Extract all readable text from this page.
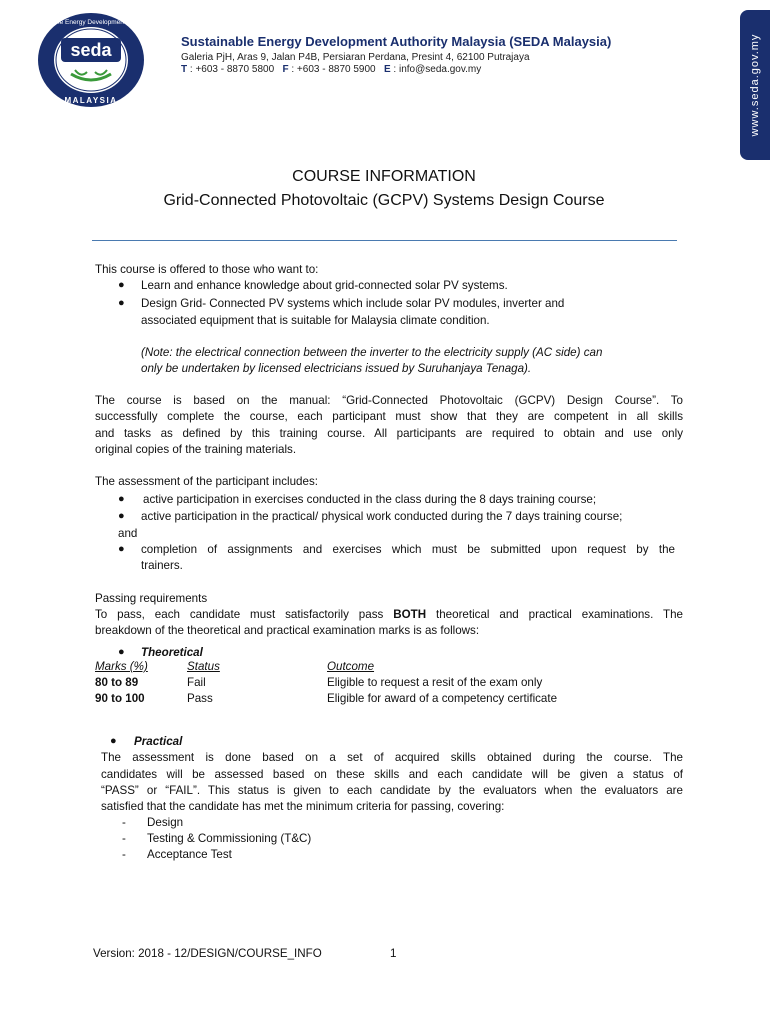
Sustainable Energy Development Authority
MALAYSIA
seda	Sustainable Energy Development Authority Malaysia (SEDA Malaysia)
Galeria PjH, Aras 9, Jalan P4B, Persiaran Perdana, Presint 4, 62100 Putrajaya
T : +603 - 8870 5800 F : +603 - 8870 5900 E : info@seda.gov.my	www.seda.gov.my
COURSE INFORMATION
Grid-Connected Photovoltaic (GCPV) Systems Design Course
This course is offered to those who want to:
● Learn and enhance knowledge about grid-connected solar PV systems.
● Design Grid- Connected PV systems which include solar PV modules, inverter and
associated equipment that is suitable for Malaysia climate condition.
(Note: the electrical connection between the inverter to the electricity supply (AC side) can
only be undertaken by licensed electricians issued by Suruhanjaya Tenaga).
The course is based on the manual: “Grid-Connected Photovoltaic (GCPV) Design Course”. To
successfully complete the course, each participant must show that they are competent in all skills
and tasks as defined by this training course. All participants are required to obtain and use only
original copies of the training materials.
The assessment of the participant includes:
● active participation in exercises conducted in the class during the 8 days training course;
● active participation in the practical/ physical work conducted during the 7 days training course;
and
● completion of assignments and exercises which must be submitted upon request by the
trainers.
Passing requirements
To pass, each candidate must satisfactorily pass BOTH theoretical and practical examinations. The
breakdown of the theoretical and practical examination marks is as follows:
● Theoretical
Marks (%)	Status	Outcome
80 to 89	Fail	Eligible to request a resit of the exam only
90 to 100	Pass	Eligible for award of a competency certificate
● Practical
The assessment is done based on a set of acquired skills obtained during the course. The
candidates will be assessed based on these skills and each candidate will be given a status of
“PASS” or “FAIL”. This status is given to each candidate by the evaluators when the evaluators are
satisfied that the candidate has met the minimum criteria for passing, covering:
- Design
- Testing & Commissioning (T&C)
- Acceptance Test
Version: 2018 - 12/DESIGN/COURSE_INFO	1
